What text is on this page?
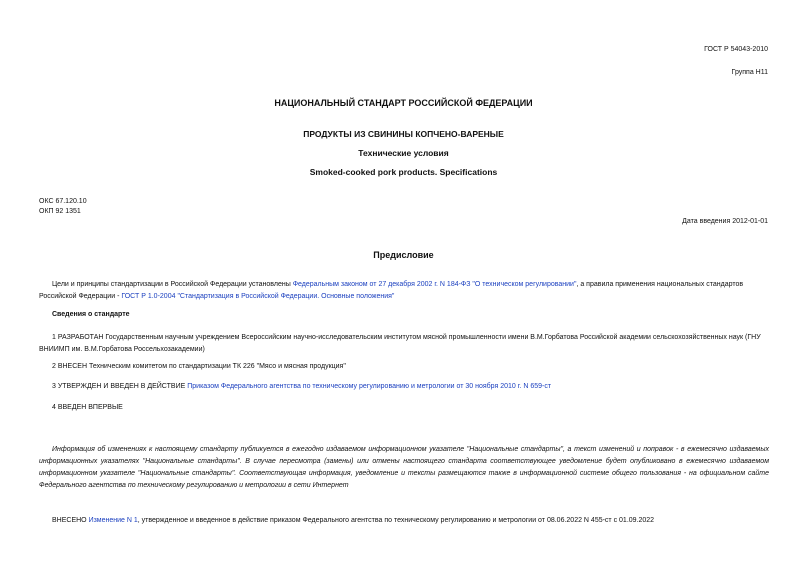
ГОСТ Р 54043-2010
Группа Н11
НАЦИОНАЛЬНЫЙ СТАНДАРТ РОССИЙСКОЙ ФЕДЕРАЦИИ
ПРОДУКТЫ ИЗ СВИНИНЫ КОПЧЕНО-ВАРЕНЫЕ
Технические условия
Smoked-cooked pork products. Specifications
ОКС 67.120.10
ОКП 92 1351
Дата введения 2012-01-01
Предисловие
Цели и принципы стандартизации в Российской Федерации установлены Федеральным законом от 27 декабря 2002 г. N 184-ФЗ "О техническом регулировании", а правила применения национальных стандартов Российской Федерации - ГОСТ Р 1.0-2004 "Стандартизация в Российской Федерации. Основные положения"
Сведения о стандарте
1 РАЗРАБОТАН Государственным научным учреждением Всероссийским научно-исследовательским институтом мясной промышленности имени В.М.Горбатова Российской академии сельскохозяйственных наук (ГНУ ВНИИМП им. В.М.Горбатова Россельхозакадемии)
2 ВНЕСЕН Техническим комитетом по стандартизации ТК 226 "Мясо и мясная продукция"
3 УТВЕРЖДЕН И ВВЕДЕН В ДЕЙСТВИЕ Приказом Федерального агентства по техническому регулированию и метрологии от 30 ноября 2010 г. N 659-ст
4 ВВЕДЕН ВПЕРВЫЕ
Информация об изменениях к настоящему стандарту публикуется в ежегодно издаваемом информационном указателе "Национальные стандарты", а текст изменений и поправок - в ежемесячно издаваемых информационных указателях "Национальные стандарты". В случае пересмотра (замены) или отмены настоящего стандарта соответствующее уведомление будет опубликовано в ежемесячно издаваемом информационном указателе "Национальные стандарты". Соответствующая информация, уведомление и тексты размещаются также в информационной системе общего пользования - на официальном сайте Федерального агентства по техническому регулированию и метрологии в сети Интернет
ВНЕСЕНО Изменение N 1, утвержденное и введенное в действие приказом Федерального агентства по техническому регулированию и метрологии от 08.06.2022 N 455-ст с 01.09.2022
